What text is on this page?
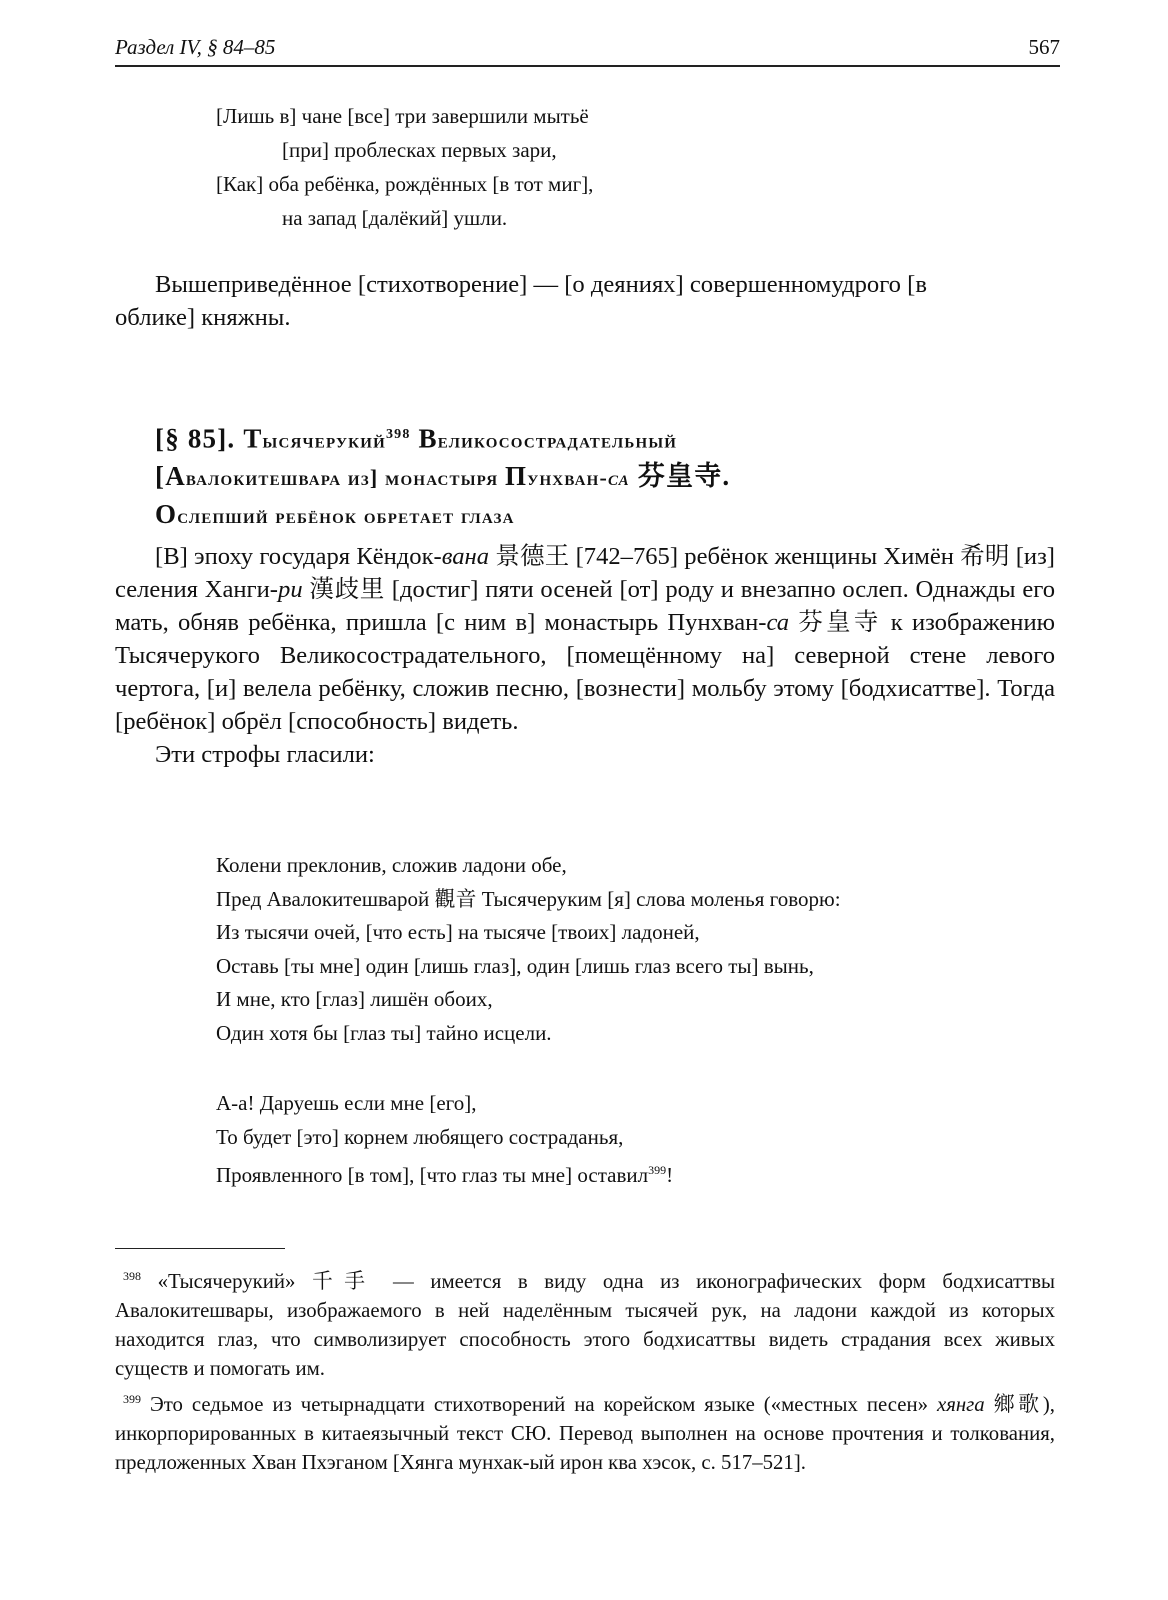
Раздел IV, § 84–85	567
[Лишь в] чане [все] три завершили мытьё
[при] проблесках первых зари,
[Как] оба ребёнка, рождённых [в тот миг],
на запад [далёкий] ушли.
Вышеприведённое [стихотворение] — [о деяниях] совершенномудрого [в
облике] княжны.
[§ 85]. Тысячерукий$^{398}$ Великосострадательный
[Авалокитешвара из] монастыря Пунхван-са 芬皇寺.
Ослепший ребёнок обретает глаза

[В] эпоху государя Кёндок-вана 景德王 [742–765] ребёнок женщины Химён 希明 [из] селения Ханги-ри 漢歧里 [достиг] пяти осеней [от] роду и внезапно ослеп. Однажды его мать, обняв ребёнка, пришла [с ним в] монастырь Пунхван-са 芬皇寺 к изображению Тысячерукого Великосострадательного, [помещённому на] северной стене левого чертога, [и] велела ребёнку, сложив песню, [вознести] мольбу этому [бодхисаттве]. Тогда [ребёнок] обрёл [способность] видеть.

Эти строфы гласили:

Колени преклонив, сложив ладони обе,
Пред Авалокитешварой 觀音 Тысячеруким [я] слова моленья говорю:
Из тысячи очей, [что есть] на тысяче [твоих] ладоней,
Оставь [ты мне] один [лишь глаз], один [лишь глаз всего ты] вынь,
И мне, кто [глаз] лишён обоих,
Один хотя бы [глаз ты] тайно исцели.
А-а! Даруешь если мне [его],
То будет [это] корнем любящего состраданья,
Проявленного [в том], [что глаз ты мне] оставил$^{399}$!

$^{398}$ «Тысячерукий» 千手 — имеется в виду одна из иконографических форм бодхисаттвы Авалокитешвары, изображаемого в ней наделённым тысячей рук, на ладони каждой из которых находится глаз, что символизирует способность этого бодхисаттвы видеть страдания всех живых существ и помогать им.

$^{399}$ Это седьмое из четырнадцати стихотворений на корейском языке («местных песен» хянга 鄉歌), инкорпорированных в китаеязычный текст СЮ. Перевод выполнен на основе прочтения и толкования, предложенных Хван Пхэганом [Хянга мунхак-ый ирон ква хэсок, с. 517–521].
